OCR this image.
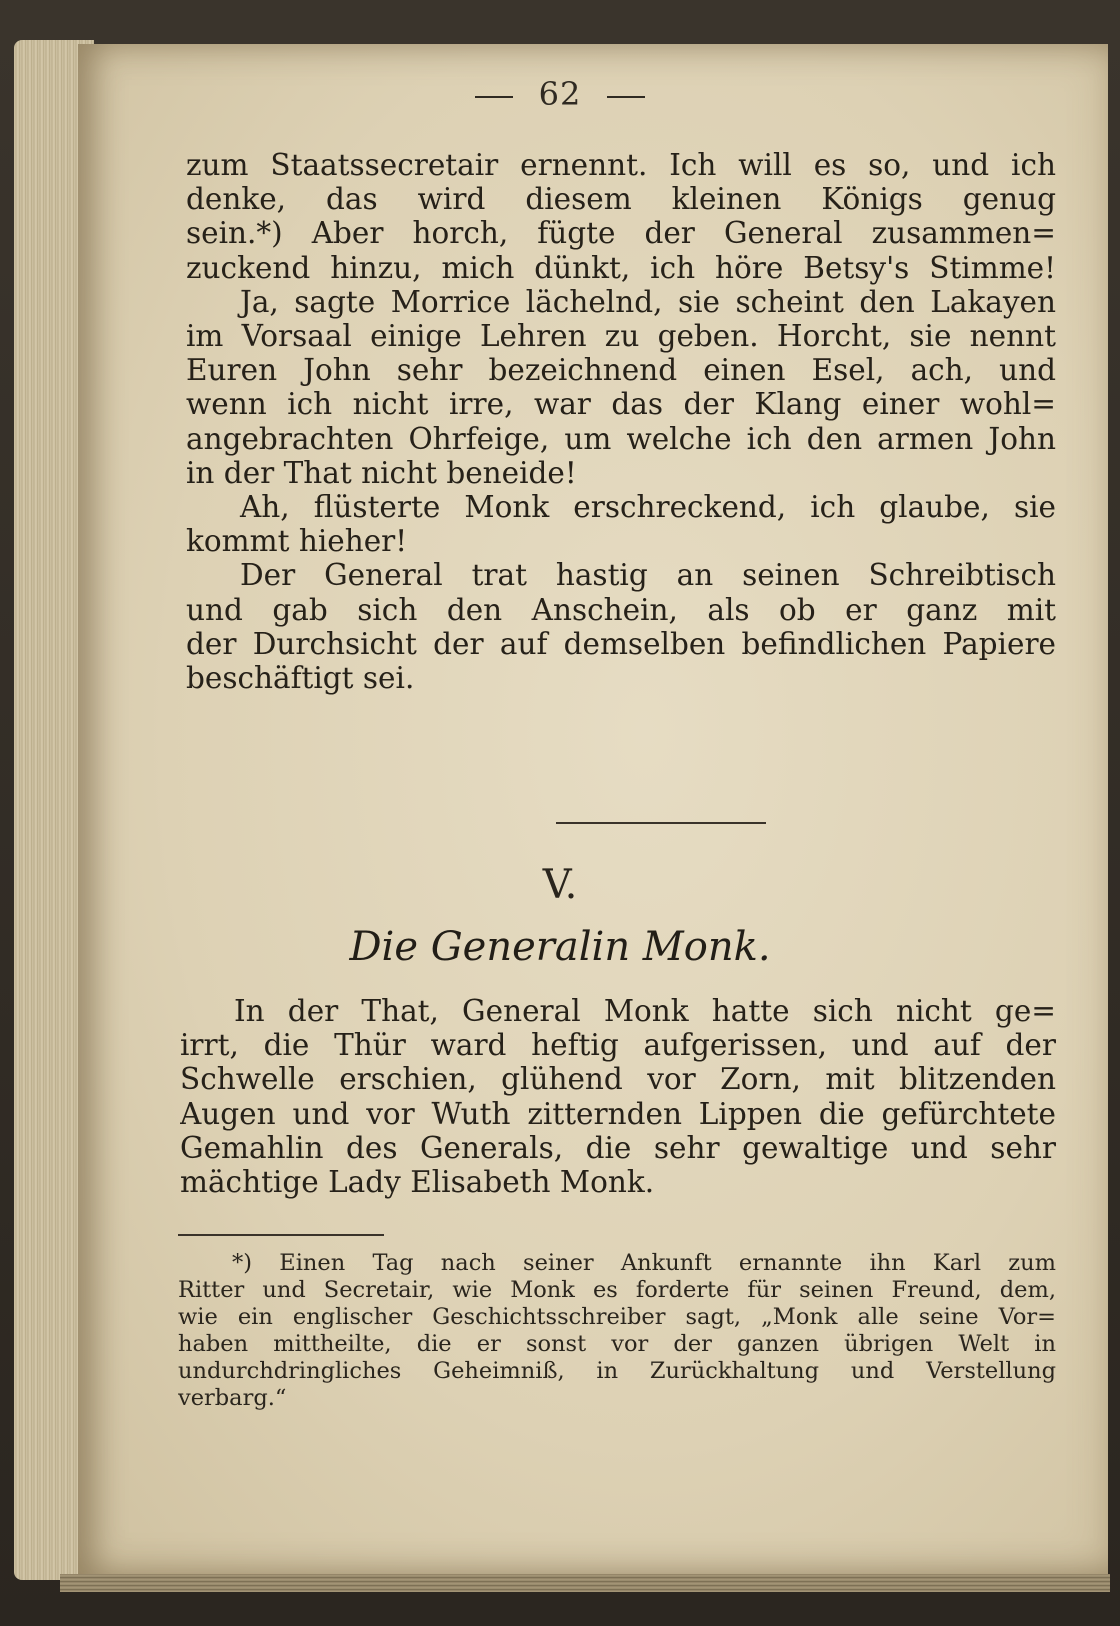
62
zum Staatssecretair ernennt. Ich will es so, und ich
denke, das wird diesem kleinen Königs genug
sein.*) Aber horch, fügte der General zusammen=
zuckend hinzu, mich dünkt, ich höre Betsy's Stimme!
Ja, sagte Morrice lächelnd, sie scheint den Lakayen
im Vorsaal einige Lehren zu geben. Horcht, sie nennt
Euren John sehr bezeichnend einen Esel, ach, und
wenn ich nicht irre, war das der Klang einer wohl=
angebrachten Ohrfeige, um welche ich den armen John
in der That nicht beneide!
Ah, flüsterte Monk erschreckend, ich glaube, sie
kommt hieher!
Der General trat hastig an seinen Schreibtisch
und gab sich den Anschein, als ob er ganz mit
der Durchsicht der auf demselben befindlichen Papiere
beschäftigt sei.
V.
Die Generalin Monk.
In der That, General Monk hatte sich nicht ge=
irrt, die Thür ward heftig aufgerissen, und auf der
Schwelle erschien, glühend vor Zorn, mit blitzenden
Augen und vor Wuth zitternden Lippen die gefürchtete
Gemahlin des Generals, die sehr gewaltige und sehr
mächtige Lady Elisabeth Monk.
*) Einen Tag nach seiner Ankunft ernannte ihn Karl zum
Ritter und Secretair, wie Monk es forderte für seinen Freund, dem,
wie ein englischer Geschichtsschreiber sagt, „Monk alle seine Vor=
haben mittheilte, die er sonst vor der ganzen übrigen Welt in
undurchdringliches Geheimniß, in Zurückhaltung und Verstellung
verbarg.“
